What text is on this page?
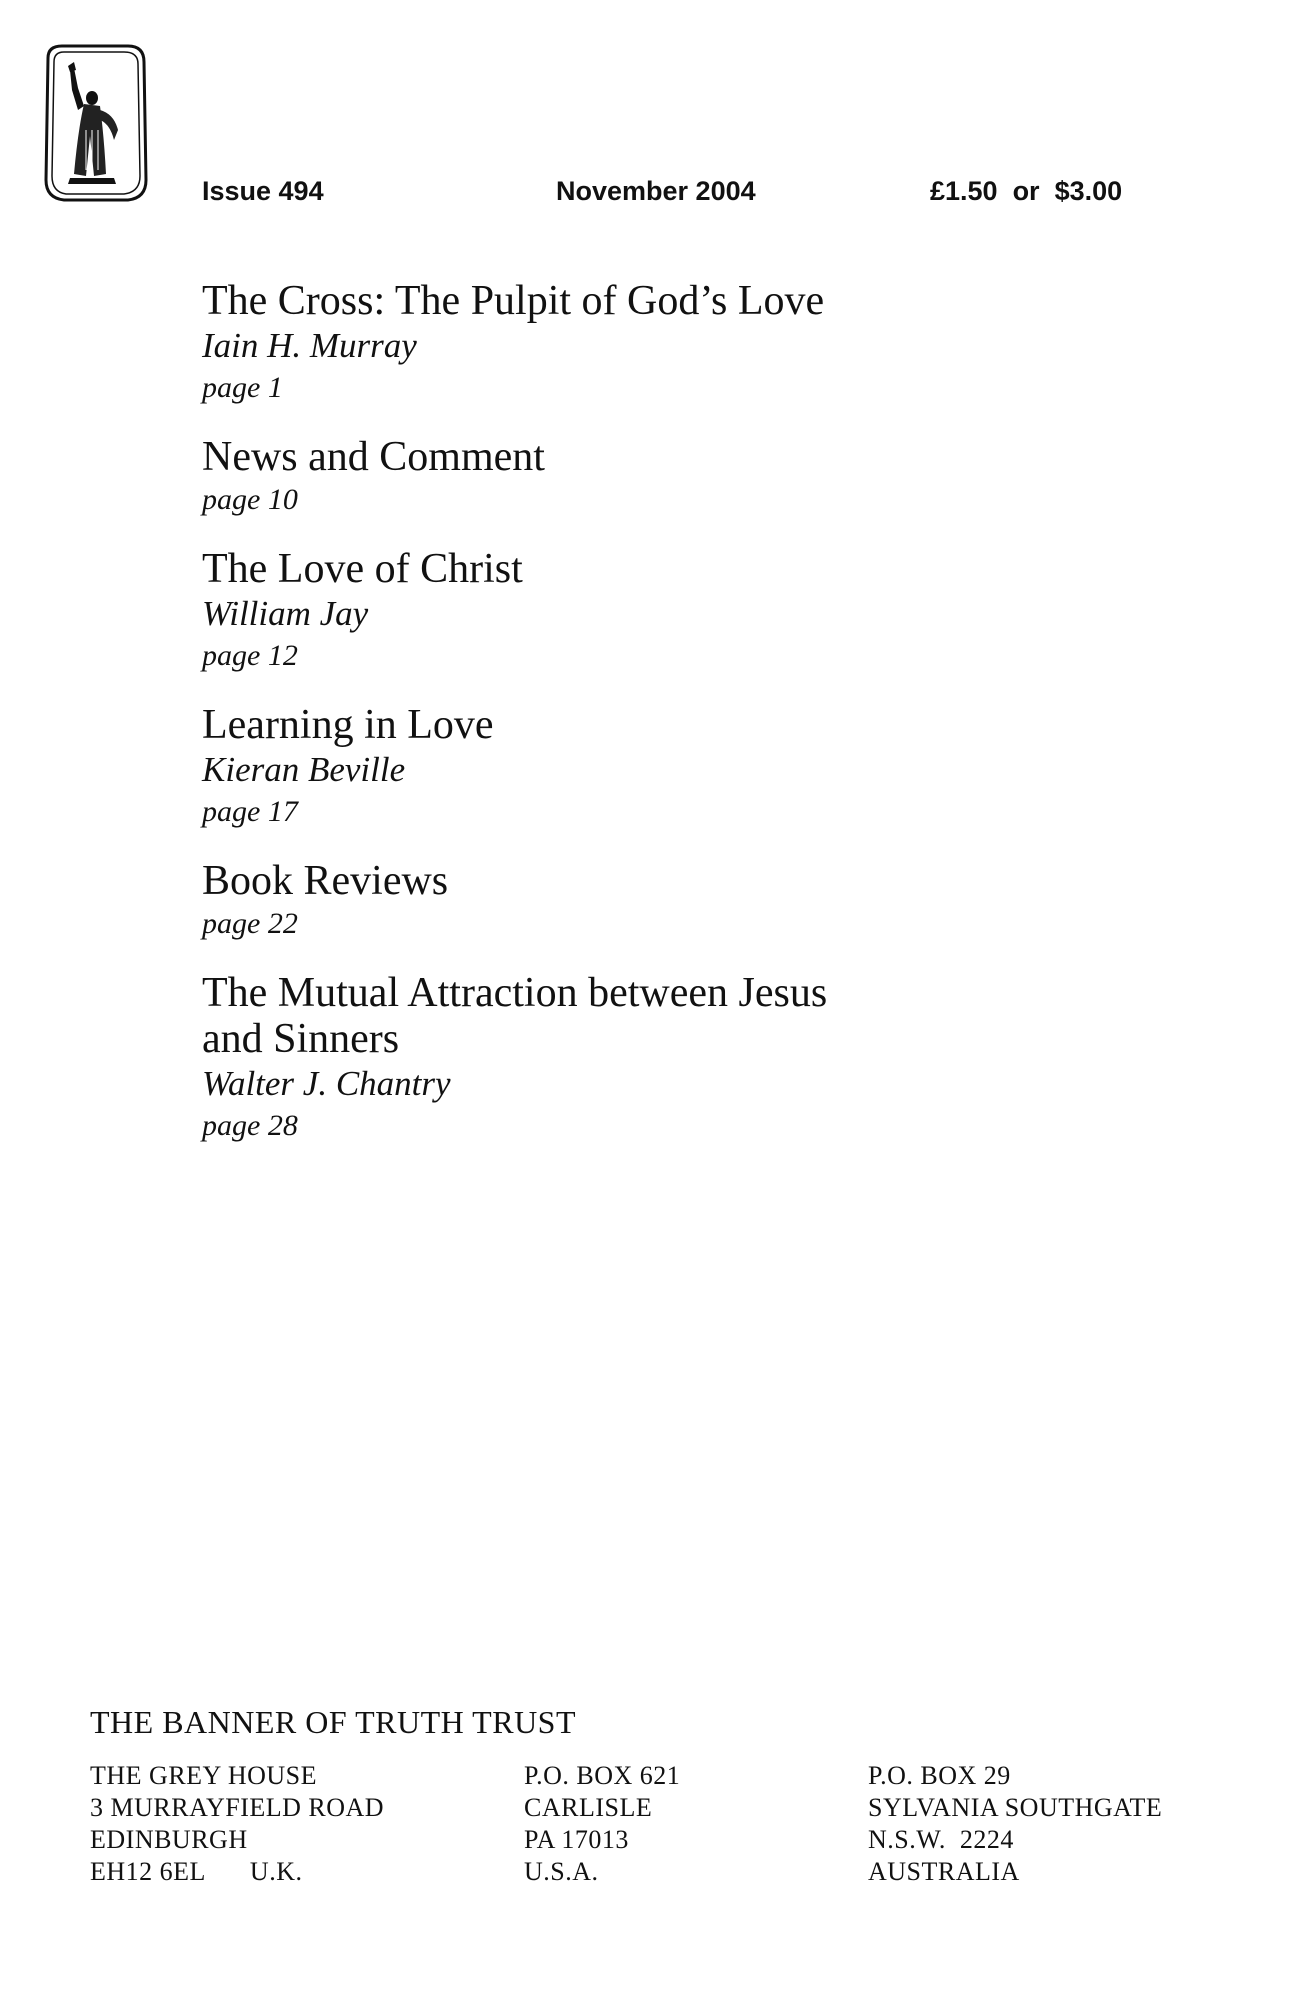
Issue 494	November 2004	£1.50  or  $3.00
The Cross: The Pulpit of God’s Love
Iain H. Murray
page 1
News and Comment
page 10
The Love of Christ
William Jay
page 12
Learning in Love
Kieran Beville
page 17
Book Reviews
page 22
The Mutual Attraction between Jesus
and Sinners
Walter J. Chantry
page 28
THE BANNER OF TRUTH TRUST
THE GREY HOUSE
3 MURRAYFIELD ROAD
EDINBURGH
EH12 6EL U.K.
P.O. BOX 621
CARLISLE
PA 17013
U.S.A.
P.O. BOX 29
SYLVANIA SOUTHGATE
N.S.W.  2224
AUSTRALIA
